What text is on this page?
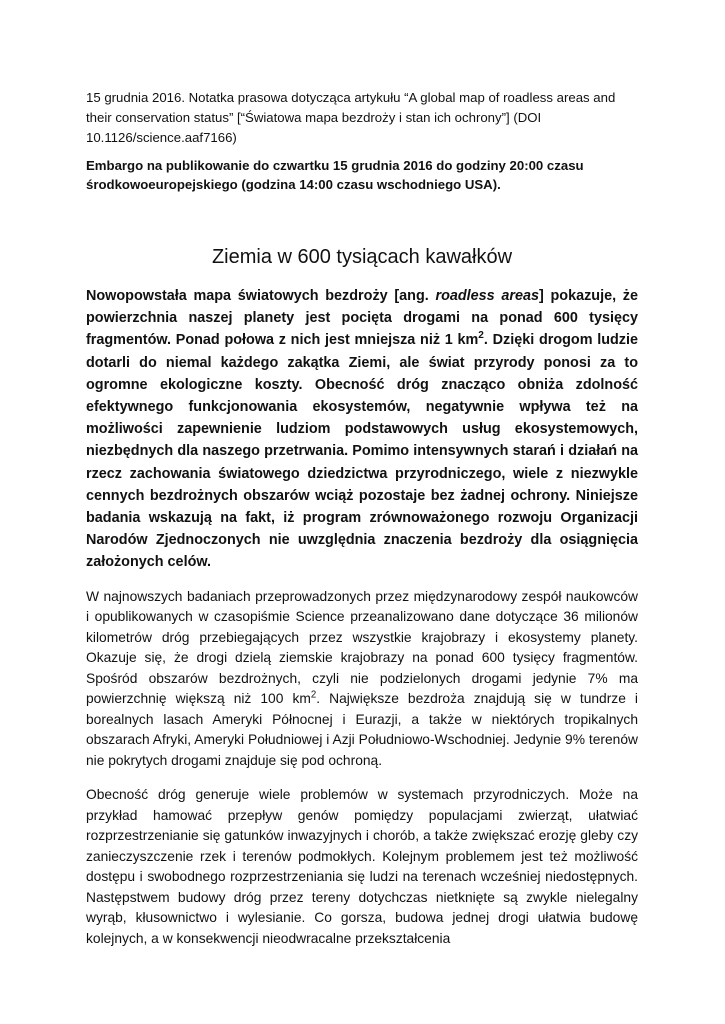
15 grudnia 2016. Notatka prasowa dotycząca artykułu “A global map of roadless areas and their conservation status” [“Światowa mapa bezdroży i stan ich ochrony”] (DOI 10.1126/science.aaf7166)

Embargo na publikowanie do czwartku 15 grudnia 2016 do godziny 20:00 czasu środkowoeuropejskiego (godzina 14:00 czasu wschodniego USA).

Ziemia w 600 tysiącach kawałków

Nowopowstała mapa światowych bezdroży [ang. roadless areas] pokazuje, że powierzchnia naszej planety jest pocięta drogami na ponad 600 tysięcy fragmentów. Ponad połowa z nich jest mniejsza niż 1 $km^2$. Dzięki drogom ludzie dotarli do niemal każdego zakątka Ziemi, ale świat przyrody ponosi za to ogromne ekologiczne koszty. Obecność dróg znacząco obniża zdolność efektywnego funkcjonowania ekosystemów, negatywnie wpływa też na możliwości zapewnienie ludziom podstawowych usług ekosystemowych, niezbędnych dla naszego przetrwania. Pomimo intensywnych starań i działań na rzecz zachowania światowego dziedzictwa przyrodniczego, wiele z niezwykle cennych bezdrożnych obszarów wciąż pozostaje bez żadnej ochrony. Niniejsze badania wskazują na fakt, iż program zrównoważonego rozwoju Organizacji Narodów Zjednoczonych nie uwzględnia znaczenia bezdroży dla osiągnięcia założonych celów.

W najnowszych badaniach przeprowadzonych przez międzynarodowy zespół naukowców i opublikowanych w czasopiśmie Science przeanalizowano dane dotyczące 36 milionów kilometrów dróg przebiegających przez wszystkie krajobrazy i ekosystemy planety. Okazuje się, że drogi dzielą ziemskie krajobrazy na ponad 600 tysięcy fragmentów. Spośród obszarów bezdrożnych, czyli nie podzielonych drogami jedynie 7% ma powierzchnię większą niż 100 $km^2$. Największe bezdroża znajdują się w tundrze i borealnych lasach Ameryki Północnej i Eurazji, a także w niektórych tropikalnych obszarach Afryki, Ameryki Południowej i Azji Południowo-Wschodniej. Jedynie 9% terenów nie pokrytych drogami znajduje się pod ochroną.

Obecność dróg generuje wiele problemów w systemach przyrodniczych. Może na przykład hamować przepływ genów pomiędzy populacjami zwierząt, ułatwiać rozprzestrzenianie się gatunków inwazyjnych i chorób, a także zwiększać erozję gleby czy zanieczyszczenie rzek i terenów podmokłych. Kolejnym problemem jest też możliwość dostępu i swobodnego rozprzestrzeniania się ludzi na terenach wcześniej niedostępnych. Następstwem budowy dróg przez tereny dotychczas nietknięte są zwykle nielegalny wyrąb, kłusownictwo i wylesianie. Co gorsza, budowa jednej drogi ułatwia budowę kolejnych, a w konsekwencji nieodwracalne przekształcenia
